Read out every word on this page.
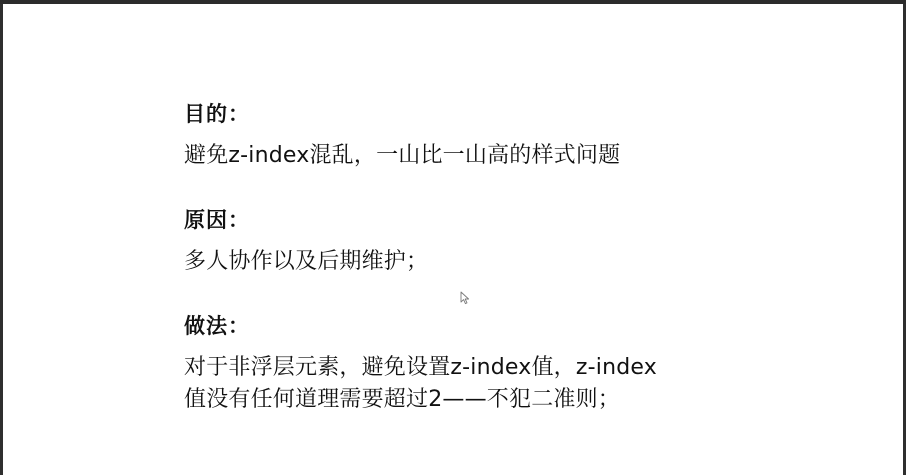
目的：
避免z-index混乱，一山比一山高的样式问题
原因：
多人协作以及后期维护；
做法：
对于非浮层元素，避免设置z-index值，z-index
值没有任何道理需要超过2——不犯二准则；
